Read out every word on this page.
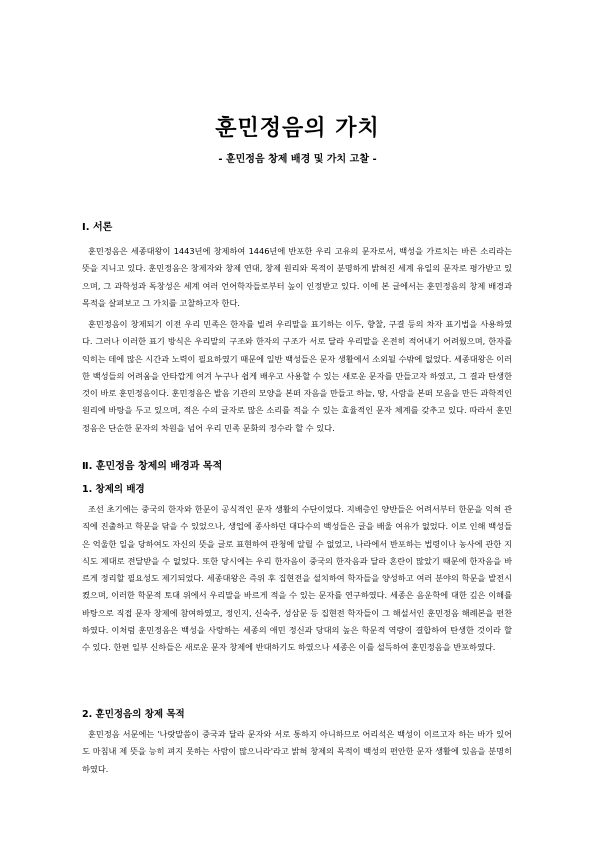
훈민정음의 가치
- 훈민정음 창제 배경 및 가치 고찰 -
Ⅰ. 서론
훈민정음은 세종대왕이 1443년에 창제하여 1446년에 반포한 우리 고유의 문자로서, 백성을 가르치는 바른 소리라는 뜻을 지니고 있다. 훈민정음은 창제자와 창제 연대, 창제 원리와 목적이 분명하게 밝혀진 세계 유일의 문자로 평가받고 있으며, 그 과학성과 독창성은 세계 여러 언어학자들로부터 높이 인정받고 있다. 이에 본 글에서는 훈민정음의 창제 배경과 목적을 살펴보고 그 가치를 고찰하고자 한다.
훈민정음이 창제되기 이전 우리 민족은 한자를 빌려 우리말을 표기하는 이두, 향찰, 구결 등의 차자 표기법을 사용하였다. 그러나 이러한 표기 방식은 우리말의 구조와 한자의 구조가 서로 달라 우리말을 온전히 적어내기 어려웠으며, 한자를 익히는 데에 많은 시간과 노력이 필요하였기 때문에 일반 백성들은 문자 생활에서 소외될 수밖에 없었다. 세종대왕은 이러한 백성들의 어려움을 안타깝게 여겨 누구나 쉽게 배우고 사용할 수 있는 새로운 문자를 만들고자 하였고, 그 결과 탄생한 것이 바로 훈민정음이다. 훈민정음은 발음 기관의 모양을 본떠 자음을 만들고 하늘, 땅, 사람을 본떠 모음을 만든 과학적인 원리에 바탕을 두고 있으며, 적은 수의 글자로 많은 소리를 적을 수 있는 효율적인 문자 체계를 갖추고 있다. 따라서 훈민정음은 단순한 문자의 차원을 넘어 우리 민족 문화의 정수라 할 수 있다.
Ⅱ. 훈민정음 창제의 배경과 목적
1. 창제의 배경
조선 초기에는 중국의 한자와 한문이 공식적인 문자 생활의 수단이었다. 지배층인 양반들은 어려서부터 한문을 익혀 관직에 진출하고 학문을 닦을 수 있었으나, 생업에 종사하던 대다수의 백성들은 글을 배울 여유가 없었다. 이로 인해 백성들은 억울한 일을 당하여도 자신의 뜻을 글로 표현하여 관청에 알릴 수 없었고, 나라에서 반포하는 법령이나 농사에 관한 지식도 제대로 전달받을 수 없었다. 또한 당시에는 우리 한자음이 중국의 한자음과 달라 혼란이 많았기 때문에 한자음을 바르게 정리할 필요성도 제기되었다. 세종대왕은 즉위 후 집현전을 설치하여 학자들을 양성하고 여러 분야의 학문을 발전시켰으며, 이러한 학문적 토대 위에서 우리말을 바르게 적을 수 있는 문자를 연구하였다. 세종은 음운학에 대한 깊은 이해를 바탕으로 직접 문자 창제에 참여하였고, 정인지, 신숙주, 성삼문 등 집현전 학자들이 그 해설서인 훈민정음 해례본을 편찬하였다. 이처럼 훈민정음은 백성을 사랑하는 세종의 애민 정신과 당대의 높은 학문적 역량이 결합하여 탄생한 것이라 할 수 있다. 한편 일부 신하들은 새로운 문자 창제에 반대하기도 하였으나 세종은 이를 설득하여 훈민정음을 반포하였다.
2. 훈민정음의 창제 목적
훈민정음 서문에는 '나랏말씀이 중국과 달라 문자와 서로 통하지 아니하므로 어리석은 백성이 이르고자 하는 바가 있어도 마침내 제 뜻을 능히 펴지 못하는 사람이 많으니라'라고 밝혀 창제의 목적이 백성의 편안한 문자 생활에 있음을 분명히 하였다.
